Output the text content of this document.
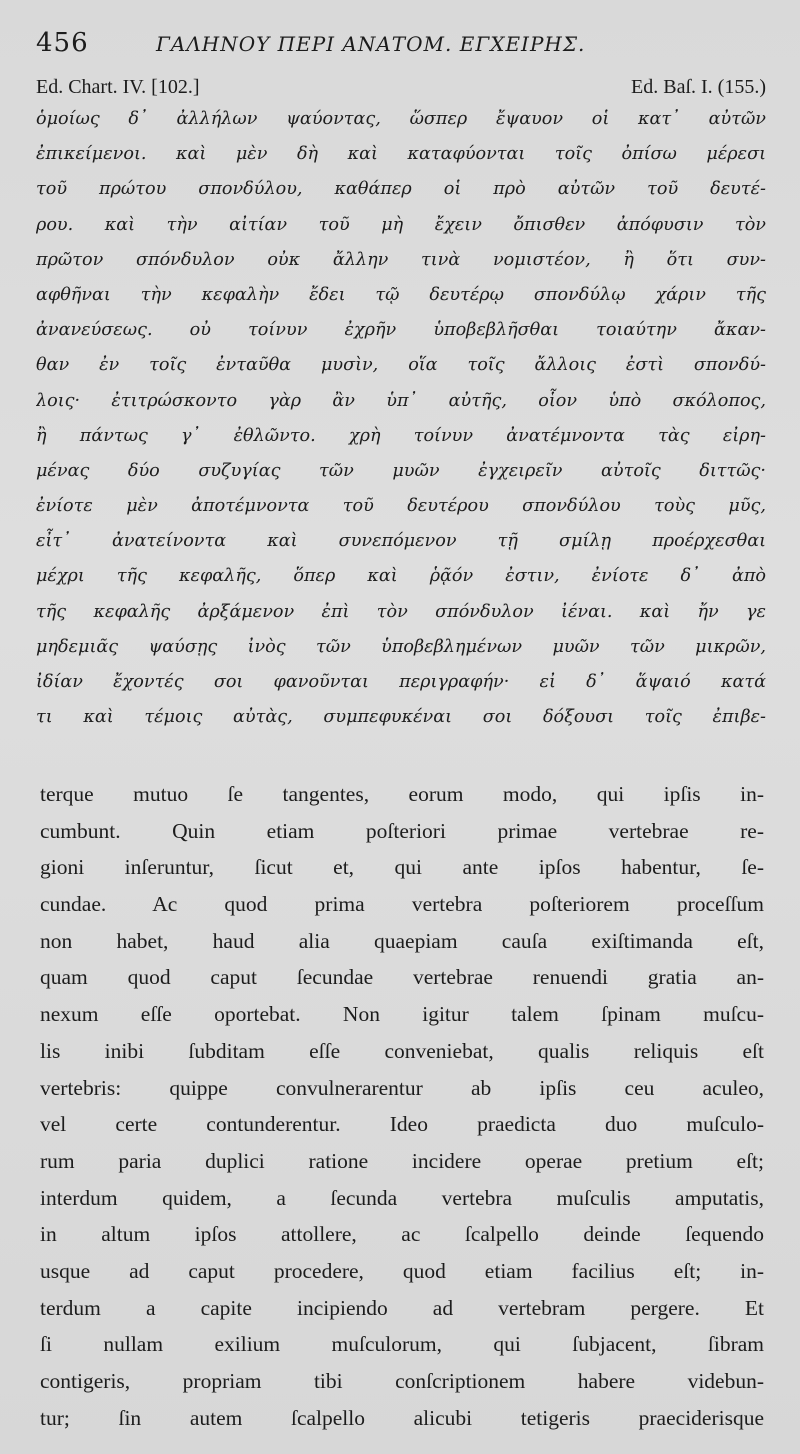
456	ΓΑΛΗΝΟΥ ΠΕΡΙ ΑΝΑΤΟΜ. ΕΓΧΕΙΡΗΣ.
Ed. Chart. IV. [102.]	Ed. Baſ. I. (155.)
ὁμοίως δ᾽ ἀλλήλων ψαύοντας, ὥσπερ ἔψαυον οἱ κατ᾽ αὐτῶν
ἐπικείμενοι. καὶ μὲν δὴ καὶ καταφύονται τοῖς ὀπίσω μέρεσι
τοῦ πρώτου σπονδύλου, καθάπερ οἱ πρὸ αὐτῶν τοῦ δευτέ-
ρου. καὶ τὴν αἰτίαν τοῦ μὴ ἔχειν ὄπισθεν ἀπόφυσιν τὸν
πρῶτον σπόνδυλον οὐκ ἄλλην τινὰ νομιστέον, ἢ ὅτι συν-
αφθῆναι τὴν κεφαλὴν ἔδει τῷ δευτέρῳ σπονδύλῳ χάριν τῆς
ἀνανεύσεως. οὐ τοίνυν ἐχρῆν ὑποβεβλῆσθαι τοιαύτην ἄκαν-
θαν ἐν τοῖς ἐνταῦθα μυσὶν, οἵα τοῖς ἄλλοις ἐστὶ σπονδύ-
λοις· ἐτιτρώσκοντο γὰρ ἂν ὑπ᾽ αὐτῆς, οἷον ὑπὸ σκόλοπος,
ἢ πάντως γ᾽ ἐθλῶντο. χρὴ τοίνυν ἀνατέμνοντα τὰς εἰρη-
μένας δύο συζυγίας τῶν μυῶν ἐγχειρεῖν αὐτοῖς διττῶς·
ἐνίοτε μὲν ἀποτέμνοντα τοῦ δευτέρου σπονδύλου τοὺς μῦς,
εἶτ᾽ ἀνατείνοντα καὶ συνεπόμενον τῇ σμίλῃ προέρχεσθαι
μέχρι τῆς κεφαλῆς, ὅπερ καὶ ῥᾷόν ἐστιν, ἐνίοτε δ᾽ ἀπὸ
τῆς κεφαλῆς ἀρξάμενον ἐπὶ τὸν σπόνδυλον ἰέναι. καὶ ἤν γε
μηδεμιᾶς ψαύσῃς ἰνὸς τῶν ὑποβεβλημένων μυῶν τῶν μικρῶν,
ἰδίαν ἔχοντές σοι φανοῦνται περιγραφήν· εἰ δ᾽ ἅψαιό κατά
τι καὶ τέμοις αὐτὰς, συμπεφυκέναι σοι δόξουσι τοῖς ἐπιβε-
terque mutuo ſe tangentes, eorum modo, qui ipſis in-
cumbunt. Quin etiam poſteriori primae vertebrae re-
gioni inſeruntur, ſicut et, qui ante ipſos habentur, ſe-
cundae. Ac quod prima vertebra poſteriorem proceſſum
non habet, haud alia quaepiam cauſa exiſtimanda eſt,
quam quod caput ſecundae vertebrae renuendi gratia an-
nexum eſſe oportebat. Non igitur talem ſpinam muſcu-
lis inibi ſubditam eſſe conveniebat, qualis reliquis eſt
vertebris: quippe convulnerarentur ab ipſis ceu aculeo,
vel certe contunderentur. Ideo praedicta duo muſculo-
rum paria duplici ratione incidere operae pretium eſt;
interdum quidem, a ſecunda vertebra muſculis amputatis,
in altum ipſos attollere, ac ſcalpello deinde ſequendo
usque ad caput procedere, quod etiam facilius eſt; in-
terdum a capite incipiendo ad vertebram pergere. Et
ſi nullam exilium muſculorum, qui ſubjacent, ſibram
contigeris, propriam tibi conſcriptionem habere videbun-
tur; ſin autem ſcalpello alicubi tetigeris praeciderisque
